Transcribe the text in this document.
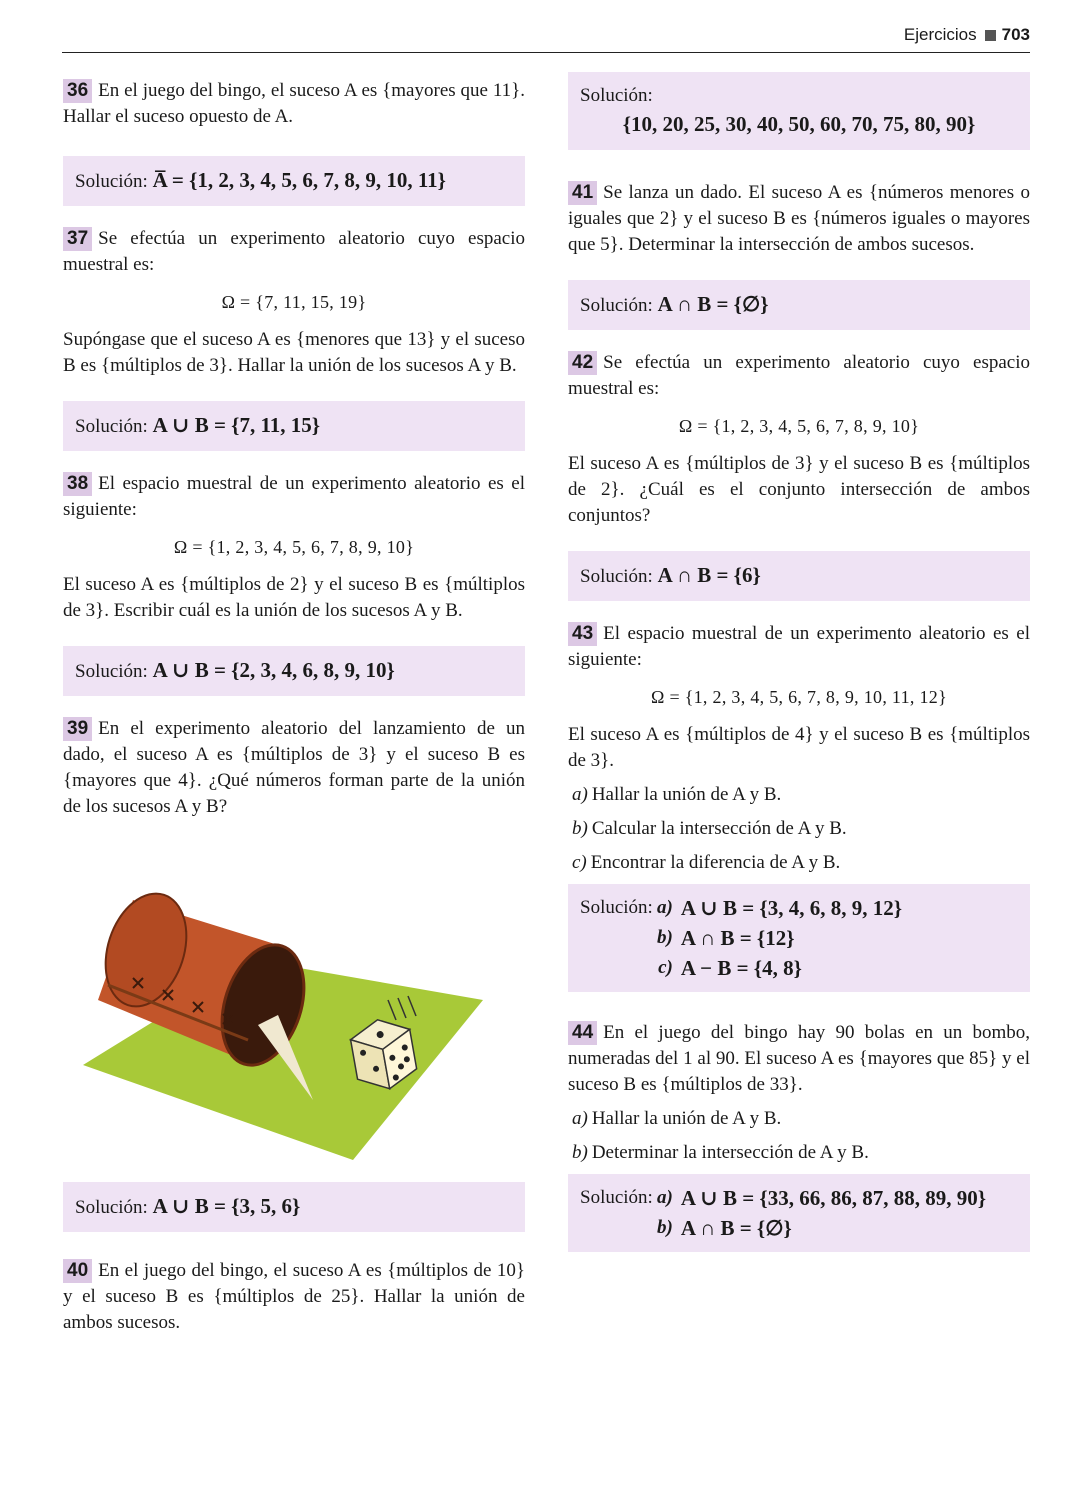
Ejercicios 703
36 En el juego del bingo, el suceso A es {mayores que 11}. Hallar el suceso opuesto de A.
Solución: A̅ = {1, 2, 3, 4, 5, 6, 7, 8, 9, 10, 11}
37 Se efectúa un experimento aleatorio cuyo espacio muestral es:
Ω = {7, 11, 15, 19}
Supóngase que el suceso A es {menores que 13} y el suceso B es {múltiplos de 3}. Hallar la unión de los sucesos A y B.
Solución: A ∪ B = {7, 11, 15}
38 El espacio muestral de un experimento aleatorio es el siguiente:
Ω = {1, 2, 3, 4, 5, 6, 7, 8, 9, 10}
El suceso A es {múltiplos de 2} y el suceso B es {múltiplos de 3}. Escribir cuál es la unión de los sucesos A y B.
Solución: A ∪ B = {2, 3, 4, 6, 8, 9, 10}
39 En el experimento aleatorio del lanzamiento de un dado, el suceso A es {múltiplos de 3} y el suceso B es {mayores que 4}. ¿Qué números forman parte de la unión de los sucesos A y B?
Solución: A ∪ B = {3, 5, 6}
40 En el juego del bingo, el suceso A es {múltiplos de 10} y el suceso B es {múltiplos de 25}. Hallar la unión de ambos sucesos.
Solución:
{10, 20, 25, 30, 40, 50, 60, 70, 75, 80, 90}
41 Se lanza un dado. El suceso A es {números menores o iguales que 2} y el suceso B es {números iguales o mayores que 5}. Determinar la intersección de ambos sucesos.
Solución: A ∩ B = {∅}
42 Se efectúa un experimento aleatorio cuyo espacio muestral es:
Ω = {1, 2, 3, 4, 5, 6, 7, 8, 9, 10}
El suceso A es {múltiplos de 3} y el suceso B es {múltiplos de 2}. ¿Cuál es el conjunto intersección de ambos conjuntos?
Solución: A ∩ B = {6}
43 El espacio muestral de un experimento aleatorio es el siguiente:
Ω = {1, 2, 3, 4, 5, 6, 7, 8, 9, 10, 11, 12}
El suceso A es {múltiplos de 4} y el suceso B es {múltiplos de 3}.
a) Hallar la unión de A y B.
b) Calcular la intersección de A y B.
c) Encontrar la diferencia de A y B.
Solución: a) A ∪ B = {3, 4, 6, 8, 9, 12}
b) A ∩ B = {12}
c) A − B = {4, 8}
44 En el juego del bingo hay 90 bolas en un bombo, numeradas del 1 al 90. El suceso A es {mayores que 85} y el suceso B es {múltiplos de 33}.
a) Hallar la unión de A y B.
b) Determinar la intersección de A y B.
Solución: a) A ∪ B = {33, 66, 86, 87, 88, 89, 90}
b) A ∩ B = {∅}
